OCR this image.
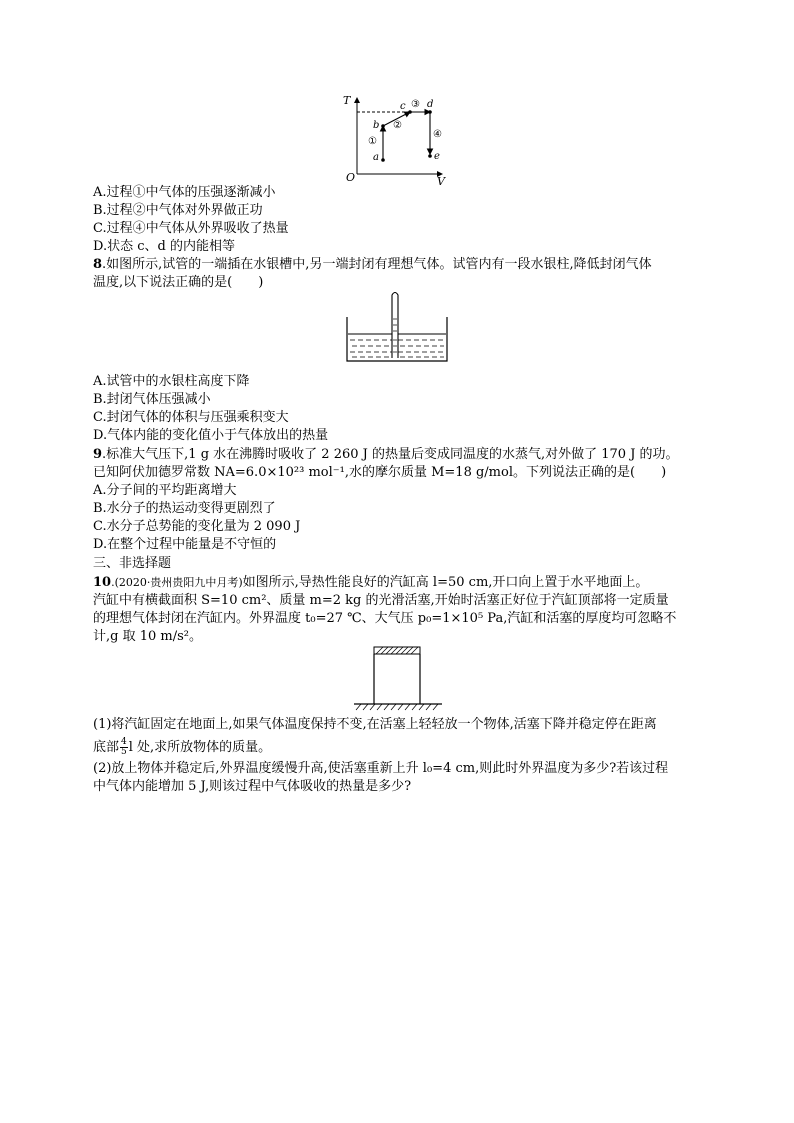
T
V
O
a
b
c d
e
①
②
③
④
A.过程①中气体的压强逐渐减小
B.过程②中气体对外界做正功
C.过程④中气体从外界吸收了热量
D.状态 c、d 的内能相等
8.如图所示,试管的一端插在水银槽中,另一端封闭有理想气体。试管内有一段水银柱,降低封闭气体
温度,以下说法正确的是(　　)
A.试管中的水银柱高度下降
B.封闭气体压强减小
C.封闭气体的体积与压强乘积变大
D.气体内能的变化值小于气体放出的热量
9.标准大气压下,1 g 水在沸腾时吸收了 2 260 J 的热量后变成同温度的水蒸气,对外做了 170 J 的功。
已知阿伏加德罗常数 NA=6.0×10²³ mol⁻¹,水的摩尔质量 M=18 g/mol。下列说法正确的是(　　)
A.分子间的平均距离增大
B.水分子的热运动变得更剧烈了
C.水分子总势能的变化量为 2 090 J
D.在整个过程中能量是不守恒的
三、非选择题
10.(2020·贵州贵阳九中月考)如图所示,导热性能良好的汽缸高 l=50 cm,开口向上置于水平地面上。
汽缸中有横截面积 S=10 cm²、质量 m=2 kg 的光滑活塞,开始时活塞正好位于汽缸顶部将一定质量
的理想气体封闭在汽缸内。外界温度 t₀=27 ℃、大气压 p₀=1×10⁵ Pa,汽缸和活塞的厚度均可忽略不
计,g 取 10 m/s²。
(1)将汽缸固定在地面上,如果气体温度保持不变,在活塞上轻轻放一个物体,活塞下降并稳定停在距离
底部 $\frac{4}{5}$ l 处,求所放物体的质量。
(2)放上物体并稳定后,外界温度缓慢升高,使活塞重新上升 l₀=4 cm,则此时外界温度为多少?若该过程
中气体内能增加 5 J,则该过程中气体吸收的热量是多少?
